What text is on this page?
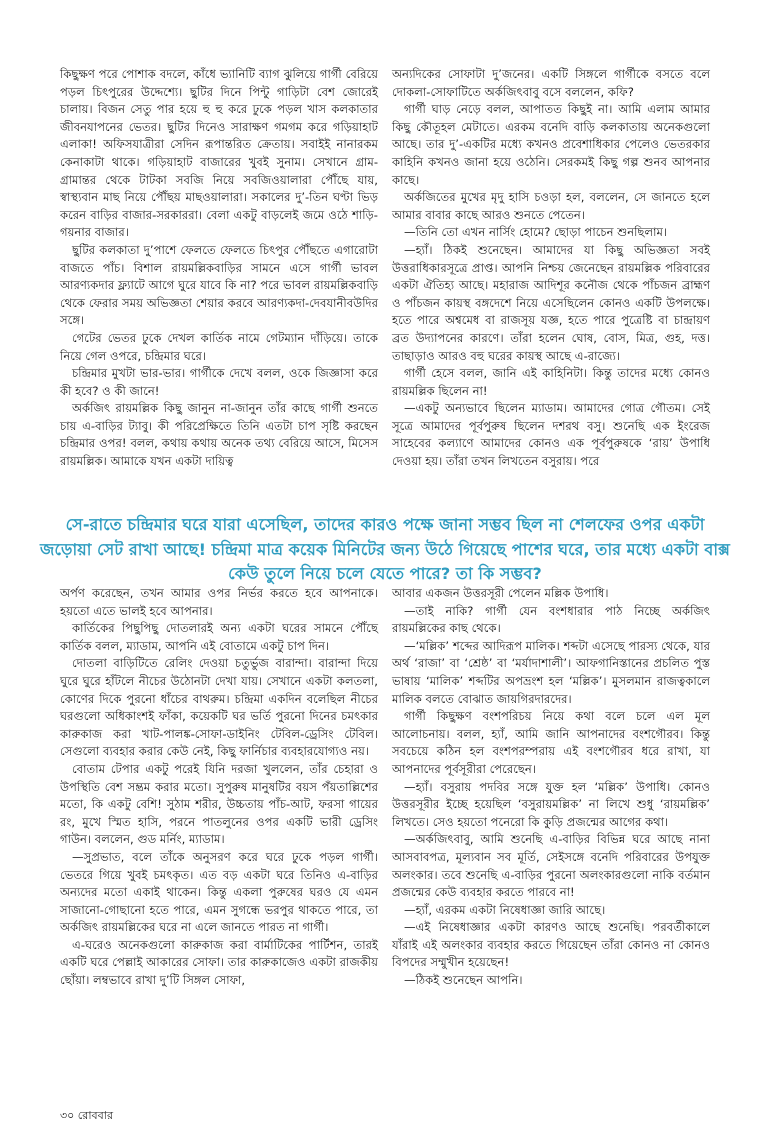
কিছুক্ষণ পরে পোশাক বদলে, কাঁধে ভ্যানিটি ব্যাগ ঝুলিয়ে গার্গী বেরিয়ে পড়ল চিৎপুরের উদ্দেশ্যে। ছুটির দিনে পিন্টু গাড়িটা বেশ জোরেই চালায়। বিজন সেতু পার হয়ে হু হু করে ঢুকে পড়ল খাস কলকাতার জীবনযাপনের ভেতর। ছুটির দিনেও সারাক্ষণ গমগম করে গড়িয়াহাট এলাকা! অফিসযাত্রীরা সেদিন রূপান্তরিত ক্রেতায়। সবাইই নানারকম কেনাকাটা থাকে। গড়িয়াহাট বাজারের খুবই সুনাম। সেখানে গ্রাম-গ্রামান্তর থেকে টাটকা সবজি নিয়ে সবজিওয়ালারা পৌঁছে যায়, স্বাস্থ্যবান মাছ নিয়ে পৌঁছয় মাছওয়ালারা। সকালের দু’-তিন ঘণ্টা ভিড় করেন বাড়ির বাজার-সরকাররা। বেলা একটু বাড়লেই জমে ওঠে শাড়ি-গয়নার বাজার।

ছুটির কলকাতা দু’পাশে ফেলতে ফেলতে চিৎপুর পৌঁছতে এগারোটা বাজতে পাঁচ। বিশাল রায়মল্লিকবাড়ির সামনে এসে গার্গী ভাবল আরণ্যকদার ফ্ল্যাটে আগে ঘুরে যাবে কি না? পরে ভাবল রায়মল্লিকবাড়ি থেকে ফেরার সময় অভিজ্ঞতা শেয়ার করবে আরণ্যকদা-দেবযানীবউদির সঙ্গে।

গেটের ভেতর ঢুকে দেখল কার্তিক নামে গেটম্যান দাঁড়িয়ে। তাকে নিয়ে গেল ওপরে, চন্দ্রিমার ঘরে।

চন্দ্রিমার মুখটা ভার-ভার। গার্গীকে দেখে বলল, ওকে জিজ্ঞাসা করে কী হবে? ও কী জানে!

অর্কজিৎ রায়মল্লিক কিছু জানুন না-জানুন তাঁর কাছে গার্গী শুনতে চায় এ-বাড়ির ট্যাবু। কী পরিপ্রেক্ষিতে তিনি এতটা চাপ সৃষ্টি করছেন চন্দ্রিমার ওপর! বলল, কথায় কথায় অনেক তথ্য বেরিয়ে আসে, মিসেস রায়মল্লিক। আমাকে যখন একটা দায়িত্ব

অন্যদিকের সোফাটা দু’জনের। একটি সিঙ্গলে গার্গীকে বসতে বলে দোকলা-সোফাটিতে অর্কজিৎবাবু বসে বললেন, কফি?

গার্গী ঘাড় নেড়ে বলল, আপাতত কিছুই না। আমি এলাম আমার কিছু কৌতূহল মেটাতে। এরকম বনেদি বাড়ি কলকাতায় অনেকগুলো আছে। তার দু’-একটির মধ্যে কখনও প্রবেশাধিকার পেলেও ভেতরকার কাহিনি কখনও জানা হয়ে ওঠেনি। সেরকমই কিছু গল্প শুনব আপনার কাছে।

অর্কজিতের মুখের মৃদু হাসি চওড়া হল, বললেন, সে জানতে হলে আমার বাবার কাছে আরও শুনতে পেতেন।

—তিনি তো এখন নার্সিং হোমে? ছোড়া পাচেন শুনছিলাম।

—হ্যাঁ। ঠিকই শুনেছেন। আমাদের যা কিছু অভিজ্ঞতা সবই উত্তরাধিকারসূত্রে প্রাপ্ত। আপনি নিশ্চয় জেনেছেন রায়মল্লিক পরিবারের একটা ঐতিহ্য আছে। মহারাজ আদিশূর কনৌজ থেকে পাঁচজন ব্রাহ্মণ ও পাঁচজন কায়স্থ বঙ্গদেশে নিয়ে এসেছিলেন কোনও একটি উপলক্ষে। হতে পারে অশ্বমেধ বা রাজসূয় যজ্ঞ, হতে পারে পুত্রেষ্টি বা চান্দ্রায়ণ ব্রত উদ্যাপনের কারণে। তাঁরা হলেন ঘোষ, বোস, মিত্র, গুহ, দত্ত। তাছাড়াও আরও বহু ঘরের কায়স্থ আছে এ-রাজ্যে।

গার্গী হেসে বলল, জানি এই কাহিনিটা। কিন্তু তাদের মধ্যে কোনও রায়মল্লিক ছিলেন না!

—একটু অন্যভাবে ছিলেন ম্যাডাম। আমাদের গোত্র গৌতম। সেই সূত্রে আমাদের পূর্বপুরুষ ছিলেন দশরথ বসু। শুনেছি এক ইংরেজ সাহেবের কল্যাণে আমাদের কোনও এক পূর্বপুরুষকে ‘রায়’ উপাধি দেওয়া হয়। তাঁরা তখন লিখতেন বসুরায়। পরে

সে-রাতে চন্দ্রিমার ঘরে যারা এসেছিল, তাদের কারও পক্ষে জানা সম্ভব ছিল না শেলফের ওপর একটা জড়োয়া সেট রাখা আছে! চন্দ্রিমা মাত্র কয়েক মিনিটের জন্য উঠে গিয়েছে পাশের ঘরে, তার মধ্যে একটা বাক্স কেউ তুলে নিয়ে চলে যেতে পারে? তা কি সম্ভব?

অর্পণ করেছেন, তখন আমার ওপর নির্ভর করতে হবে আপনাকে। হয়তো এতে ভালই হবে আপনার।

কার্তিকের পিছুপিছু দোতলারই অন্য একটা ঘরের সামনে পৌঁছে কার্তিক বলল, ম্যাডাম, আপনি এই বোতামে একটু চাপ দিন।

দোতলা বাড়িটিতে রেলিং দেওয়া চতুর্ভুজ বারান্দা। বারান্দা দিয়ে ঘুরে ঘুরে হাঁটলে নীচের উঠোনটা দেখা যায়। সেখানে একটা কলতলা, কোণের দিকে পুরনো ধাঁচের বাথরুম। চন্দ্রিমা একদিন বলেছিল নীচের ঘরগুলো অধিকাংশই ফাঁকা, কয়েকটি ঘর ভর্তি পুরনো দিনের চমৎকার কারুকাজ করা খাট-পালঙ্ক-সোফা-ডাইনিং টেবিল-ড্রেসিং টেবিল। সেগুলো ব্যবহার করার কেউ নেই, কিছু ফার্নিচার ব্যবহারযোগ্যও নয়।

বোতাম টেপার একটু পরেই যিনি দরজা খুললেন, তাঁর চেহারা ও উপস্থিতি বেশ সম্ভ্রম করার মতো। সুপুরুষ মানুষটির বয়স পঁয়তাল্লিশের মতো, কি একটু বেশি! সুঠাম শরীর, উচ্চতায় পাঁচ-আট, ফরসা গায়ের রং, মুখে স্মিত হাসি, পরনে পাতলুনের ওপর একটি ভারী ড্রেসিং গাউন। বললেন, গুড মর্নিং, ম্যাডাম।

—সুপ্রভাত, বলে তাঁকে অনুসরণ করে ঘরে ঢুকে পড়ল গার্গী। ভেতরে গিয়ে খুবই চমৎকৃত। এত বড় একটা ঘরে তিনিও এ-বাড়ির অন্যদের মতো একাই থাকেন। কিন্তু একলা পুরুষের ঘরও যে এমন সাজানো-গোছানো হতে পারে, এমন সুগন্ধে ভরপুর থাকতে পারে, তা অর্কজিৎ রায়মল্লিকের ঘরে না এলে জানতে পারত না গার্গী।

এ-ঘরেও অনেকগুলো কারুকাজ করা বার্মাটিকের পার্টিশন, তারই একটি ঘরে পেল্লাই আকারের সোফা। তার কারুকাজেও একটা রাজকীয় ছোঁয়া। লম্বভাবে রাখা দু’টি সিঙ্গল সোফা,

আবার একজন উত্তরসূরী পেলেন মল্লিক উপাধি।

—তাই নাকি? গার্গী যেন বংশধারার পাঠ নিচ্ছে অর্কজিৎ রায়মল্লিকের কাছ থেকে।

—‘মল্লিক’ শব্দের আদিরূপ মালিক। শব্দটা এসেছে পারস্য থেকে, যার অর্থ ‘রাজা’ বা ‘শ্রেষ্ঠ’ বা ‘মর্যাদাশালী’। আফগানিস্তানের প্রচলিত পুস্ত ভাষায় ‘মালিক’ শব্দটির অপভ্রংশ হল ‘মল্লিক’। মুসলমান রাজত্বকালে মালিক বলতে বোঝাত জায়গিরদারদের।

গার্গী কিছুক্ষণ বংশপরিচয় নিয়ে কথা বলে চলে এল মূল আলোচনায়। বলল, হ্যাঁ, আমি জানি আপনাদের বংশগৌরব। কিন্তু সবচেয়ে কঠিন হল বংশপরম্পরায় এই বংশগৌরব ধরে রাখা, যা আপনাদের পূর্বসূরীরা পেরেছেন।

—হ্যাঁ। বসুরায় পদবির সঙ্গে যুক্ত হল ‘মল্লিক’ উপাধি। কোনও উত্তরসূরীর ইচ্ছে হয়েছিল ‘বসুরায়মল্লিক’ না লিখে শুধু ‘রায়মল্লিক’ লিখতে। সেও হয়তো পনেরো কি কুড়ি প্রজন্মের আগের কথা।

—অর্কজিৎবাবু, আমি শুনেছি এ-বাড়ির বিভিন্ন ঘরে আছে নানা আসবাবপত্র, মূল্যবান সব মূর্তি, সেইসঙ্গে বনেদি পরিবারের উপযুক্ত অলংকার। তবে শুনেছি এ-বাড়ির পুরনো অলংকারগুলো নাকি বর্তমান প্রজন্মের কেউ ব্যবহার করতে পারবে না!

—হ্যাঁ, এরকম একটা নিষেধাজ্ঞা জারি আছে।

—এই নিষেধাজ্ঞার একটা কারণও আছে শুনেছি। পরবর্তীকালে যাঁরাই এই অলংকার ব্যবহার করতে গিয়েছেন তাঁরা কোনও না কোনও বিপদের সম্মুখীন হয়েছেন!

—ঠিকই শুনেছেন আপনি।

৩০ রোববার
